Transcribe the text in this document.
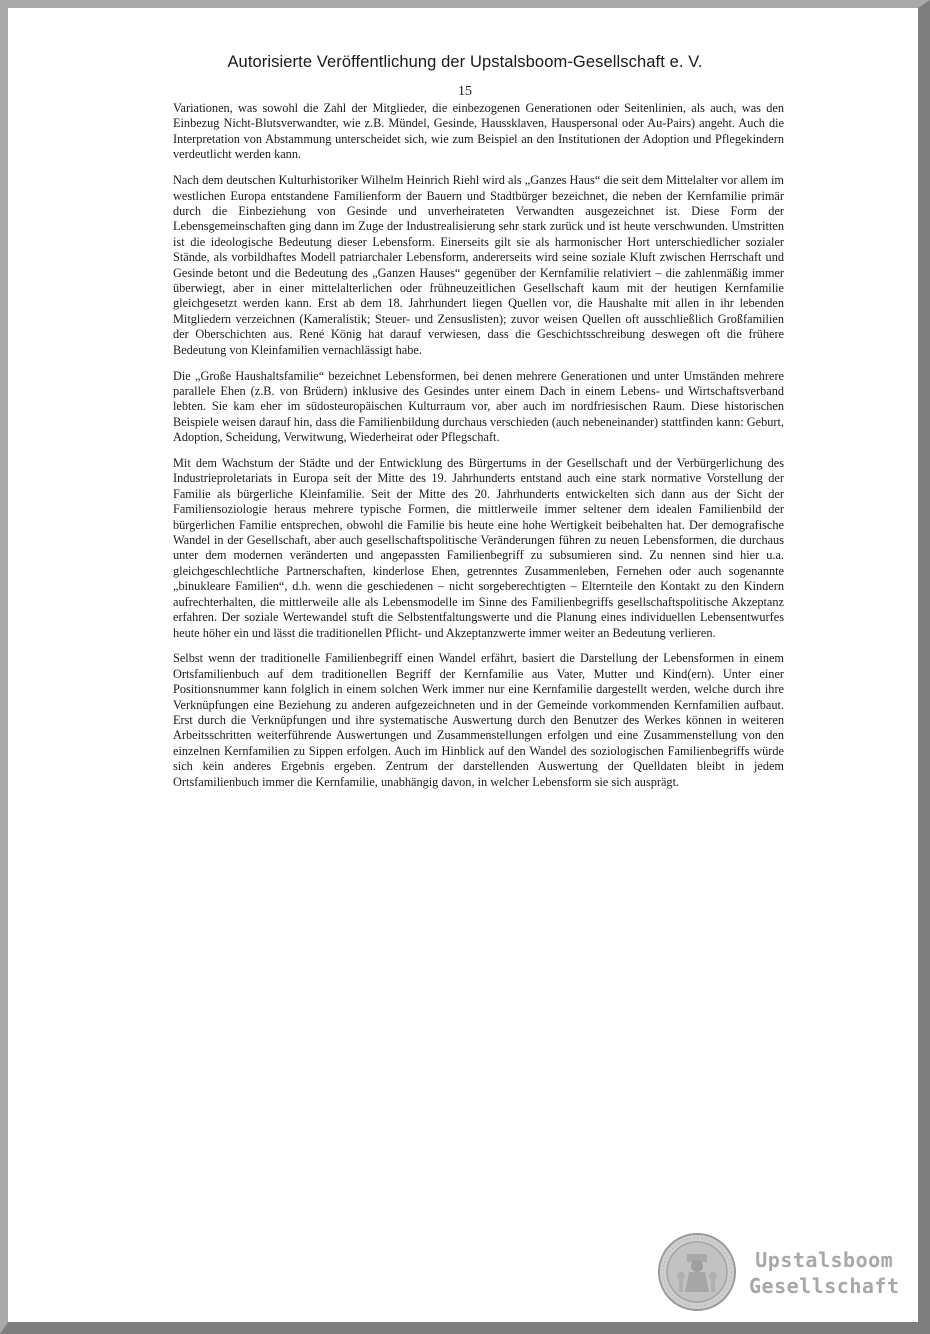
Autorisierte Veröffentlichung der Upstalsboom-Gesellschaft e. V.
15

Variationen, was sowohl die Zahl der Mitglieder, die einbezogenen Generationen oder Seitenlinien, als auch, was den Einbezug Nicht-Blutsverwandter, wie z.B. Mündel, Gesinde, Haussklaven, Hauspersonal oder Au-Pairs) angeht. Auch die Interpretation von Abstammung unterscheidet sich, wie zum Beispiel an den Institutionen der Adoption und Pflegekindern verdeutlicht werden kann.

Nach dem deutschen Kulturhistoriker Wilhelm Heinrich Riehl wird als „Ganzes Haus“ die seit dem Mittelalter vor allem im westlichen Europa entstandene Familienform der Bauern und Stadtbürger bezeichnet, die neben der Kernfamilie primär durch die Einbeziehung von Gesinde und unverheirateten Verwandten ausgezeichnet ist. Diese Form der Lebensgemeinschaften ging dann im Zuge der Industrealisierung sehr stark zurück und ist heute verschwunden. Umstritten ist die ideologische Bedeutung dieser Lebensform. Einerseits gilt sie als harmonischer Hort unterschiedlicher sozialer Stände, als vorbildhaftes Modell patriarchaler Lebensform, andererseits wird seine soziale Kluft zwischen Herrschaft und Gesinde betont und die Bedeutung des „Ganzen Hauses“ gegenüber der Kernfamilie relativiert – die zahlenmäßig immer überwiegt, aber in einer mittelalterlichen oder frühneuzeitlichen Gesellschaft kaum mit der heutigen Kernfamilie gleichgesetzt werden kann. Erst ab dem 18. Jahrhundert liegen Quellen vor, die Haushalte mit allen in ihr lebenden Mitgliedern verzeichnen (Kameralistik; Steuer- und Zensuslisten); zuvor weisen Quellen oft ausschließlich Großfamilien der Oberschichten aus. René König hat darauf verwiesen, dass die Geschichtsschreibung deswegen oft die frühere Bedeutung von Kleinfamilien vernachlässigt habe.

Die „Große Haushaltsfamilie“ bezeichnet Lebensformen, bei denen mehrere Generationen und unter Umständen mehrere parallele Ehen (z.B. von Brüdern) inklusive des Gesindes unter einem Dach in einem Lebens- und Wirtschaftsverband lebten. Sie kam eher im südosteuropäischen Kulturraum vor, aber auch im nordfriesischen Raum. Diese historischen Beispiele weisen darauf hin, dass die Familienbildung durchaus verschieden (auch nebeneinander) stattfinden kann: Geburt, Adoption, Scheidung, Verwitwung, Wiederheirat oder Pflegschaft.

Mit dem Wachstum der Städte und der Entwicklung des Bürgertums in der Gesellschaft und der Verbürgerlichung des Industrieproletariats in Europa seit der Mitte des 19. Jahrhunderts entstand auch eine stark normative Vorstellung der Familie als bürgerliche Kleinfamilie. Seit der Mitte des 20. Jahrhunderts entwickelten sich dann aus der Sicht der Familiensoziologie heraus mehrere typische Formen, die mittlerweile immer seltener dem idealen Familienbild der bürgerlichen Familie entsprechen, obwohl die Familie bis heute eine hohe Wertigkeit beibehalten hat. Der demografische Wandel in der Gesellschaft, aber auch gesellschaftspolitische Veränderungen führen zu neuen Lebensformen, die durchaus unter dem modernen veränderten und angepassten Familienbegriff zu subsumieren sind. Zu nennen sind hier u.a. gleichgeschlechtliche Partnerschaften, kinderlose Ehen, getrenntes Zusammenleben, Fernehen oder auch sogenannte „binukleare Familien“, d.h. wenn die geschiedenen – nicht sorgeberechtigten – Elternteile den Kontakt zu den Kindern aufrechterhalten, die mittlerweile alle als Lebensmodelle im Sinne des Familienbegriffs gesellschaftspolitische Akzeptanz erfahren. Der soziale Wertewandel stuft die Selbstentfaltungswerte und die Planung eines individuellen Lebensentwurfes heute höher ein und lässt die traditionellen Pflicht- und Akzeptanzwerte immer weiter an Bedeutung verlieren.

Selbst wenn der traditionelle Familienbegriff einen Wandel erfährt, basiert die Darstellung der Lebensformen in einem Ortsfamilienbuch auf dem traditionellen Begriff der Kernfamilie aus Vater, Mutter und Kind(ern). Unter einer Positionsnummer kann folglich in einem solchen Werk immer nur eine Kernfamilie dargestellt werden, welche durch ihre Verknüpfungen eine Beziehung zu anderen aufgezeichneten und in der Gemeinde vorkommenden Kernfamilien aufbaut. Erst durch die Verknüpfungen und ihre systematische Auswertung durch den Benutzer des Werkes können in weiteren Arbeitsschritten weiterführende Auswertungen und Zusammenstellungen erfolgen und eine Zusammenstellung von den einzelnen Kernfamilien zu Sippen erfolgen. Auch im Hinblick auf den Wandel des soziologischen Familienbegriffs würde sich kein anderes Ergebnis ergeben. Zentrum der darstellenden Auswertung der Quelldaten bleibt in jedem Ortsfamilienbuch immer die Kernfamilie, unabhängig davon, in welcher Lebensform sie sich ausprägt.

Upstalsboom
Gesellschaft
